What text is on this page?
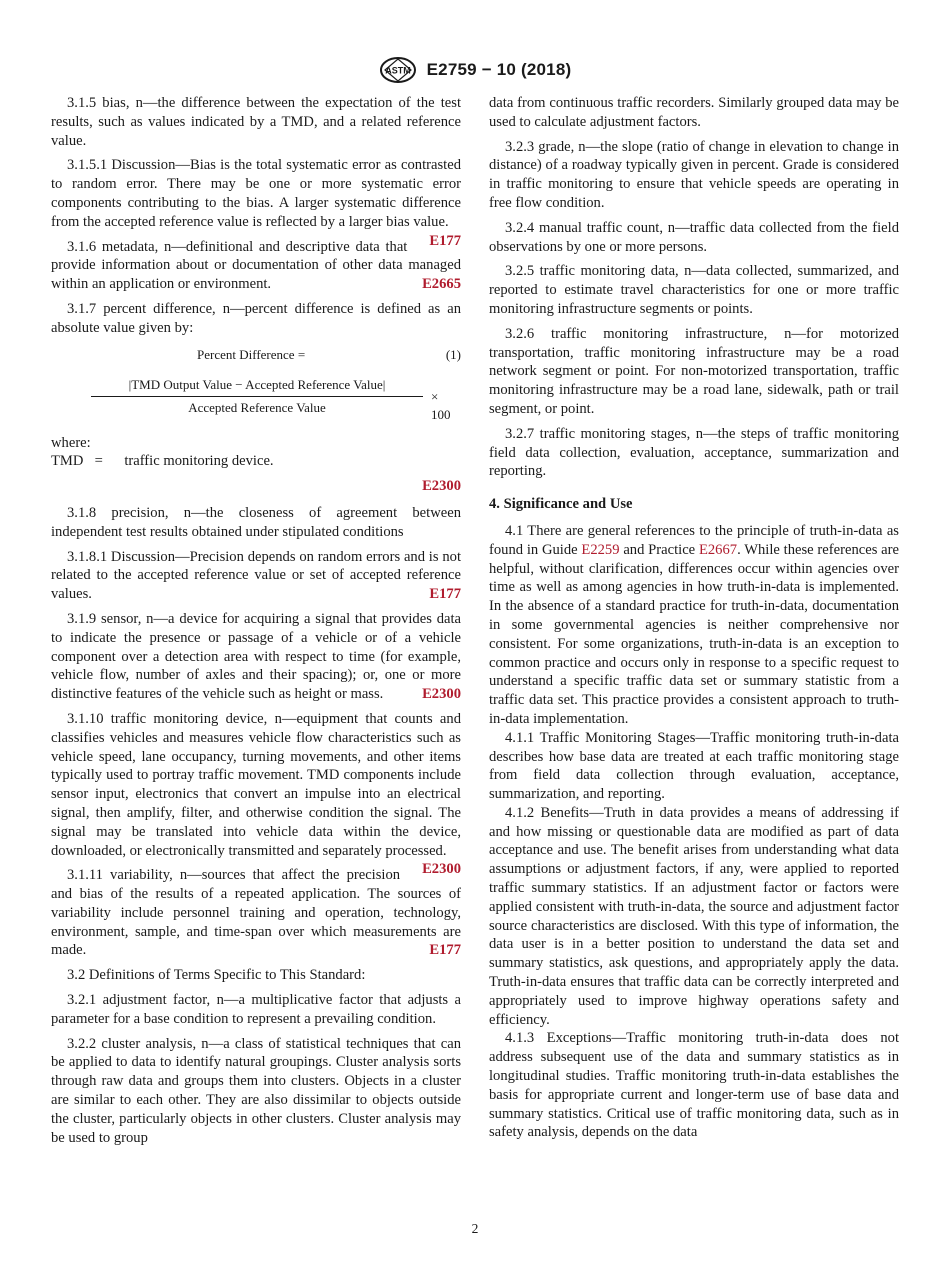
ASTM E2759 − 10 (2018)

3.1.5 bias, n—the difference between the expectation of the test results, such as values indicated by a TMD, and a related reference value.

3.1.5.1 Discussion—Bias is the total systematic error as contrasted to random error. There may be one or more systematic error components contributing to the bias. A larger systematic difference from the accepted reference value is reflected by a larger bias value.
E177

3.1.6 metadata, n—definitional and descriptive data that provide information about or documentation of other data managed within an application or environment.	E2665

3.1.7 percent difference, n—percent difference is defined as an absolute value given by:

Percent Difference =	(1)
|TMD Output Value − Accepted Reference Value|
Accepted Reference Value
× 100

where:

TMD = traffic monitoring device.
E2300

3.1.8 precision, n—the closeness of agreement between independent test results obtained under stipulated conditions

3.1.8.1 Discussion—Precision depends on random errors and is not related to the accepted reference value or set of accepted reference values.	E177

3.1.9 sensor, n—a device for acquiring a signal that provides data to indicate the presence or passage of a vehicle or of a vehicle component over a detection area with respect to time (for example, vehicle flow, number of axles and their spacing); or, one or more distinctive features of the vehicle such as height or mass.	E2300

3.1.10 traffic monitoring device, n—equipment that counts and classifies vehicles and measures vehicle flow characteristics such as vehicle speed, lane occupancy, turning movements, and other items typically used to portray traffic movement. TMD components include sensor input, electronics that convert an impulse into an electrical signal, then amplify, filter, and otherwise condition the signal. The signal may be translated into vehicle data within the device, downloaded, or electronically transmitted and separately processed.
E2300

3.1.11 variability, n—sources that affect the precision and bias of the results of a repeated application. The sources of variability include personnel training and operation, technology, environment, sample, and time-span over which measurements are made.	E177

3.2 Definitions of Terms Specific to This Standard:

3.2.1 adjustment factor, n—a multiplicative factor that adjusts a parameter for a base condition to represent a prevailing condition.

3.2.2 cluster analysis, n—a class of statistical techniques that can be applied to data to identify natural groupings. Cluster analysis sorts through raw data and groups them into clusters. Objects in a cluster are similar to each other. They are also dissimilar to objects outside the cluster, particularly objects in other clusters. Cluster analysis may be used to group

data from continuous traffic recorders. Similarly grouped data may be used to calculate adjustment factors.

3.2.3 grade, n—the slope (ratio of change in elevation to change in distance) of a roadway typically given in percent. Grade is considered in traffic monitoring to ensure that vehicle speeds are operating in free flow condition.

3.2.4 manual traffic count, n—traffic data collected from the field observations by one or more persons.

3.2.5 traffic monitoring data, n—data collected, summarized, and reported to estimate travel characteristics for one or more traffic monitoring infrastructure segments or points.

3.2.6 traffic monitoring infrastructure, n—for motorized transportation, traffic monitoring infrastructure may be a road network segment or point. For non-motorized transportation, traffic monitoring infrastructure may be a road lane, sidewalk, path or trail segment, or point.

3.2.7 traffic monitoring stages, n—the steps of traffic monitoring field data collection, evaluation, acceptance, summarization and reporting.

4. Significance and Use

4.1 There are general references to the principle of truth-in-data as found in Guide E2259 and Practice E2667. While these references are helpful, without clarification, differences occur within agencies over time as well as among agencies in how truth-in-data is implemented. In the absence of a standard practice for truth-in-data, documentation in some governmental agencies is neither comprehensive nor consistent. For some organizations, truth-in-data is an exception to common practice and occurs only in response to a specific request to understand a specific traffic data set or summary statistic from a traffic data set. This practice provides a consistent approach to truth-in-data implementation.

4.1.1 Traffic Monitoring Stages—Traffic monitoring truth-in-data describes how base data are treated at each traffic monitoring stage from field data collection through evaluation, acceptance, summarization, and reporting.

4.1.2 Benefits—Truth in data provides a means of addressing if and how missing or questionable data are modified as part of data acceptance and use. The benefit arises from understanding what data assumptions or adjustment factors, if any, were applied to reported traffic summary statistics. If an adjustment factor or factors were applied consistent with truth-in-data, the source and adjustment factor source characteristics are disclosed. With this type of information, the data user is in a better position to understand the data set and summary statistics, ask questions, and appropriately apply the data. Truth-in-data ensures that traffic data can be correctly interpreted and appropriately used to improve highway operations safety and efficiency.

4.1.3 Exceptions—Traffic monitoring truth-in-data does not address subsequent use of the data and summary statistics as in longitudinal studies. Traffic monitoring truth-in-data establishes the basis for appropriate current and longer-term use of base data and summary statistics. Critical use of traffic monitoring data, such as in safety analysis, depends on the data

2
